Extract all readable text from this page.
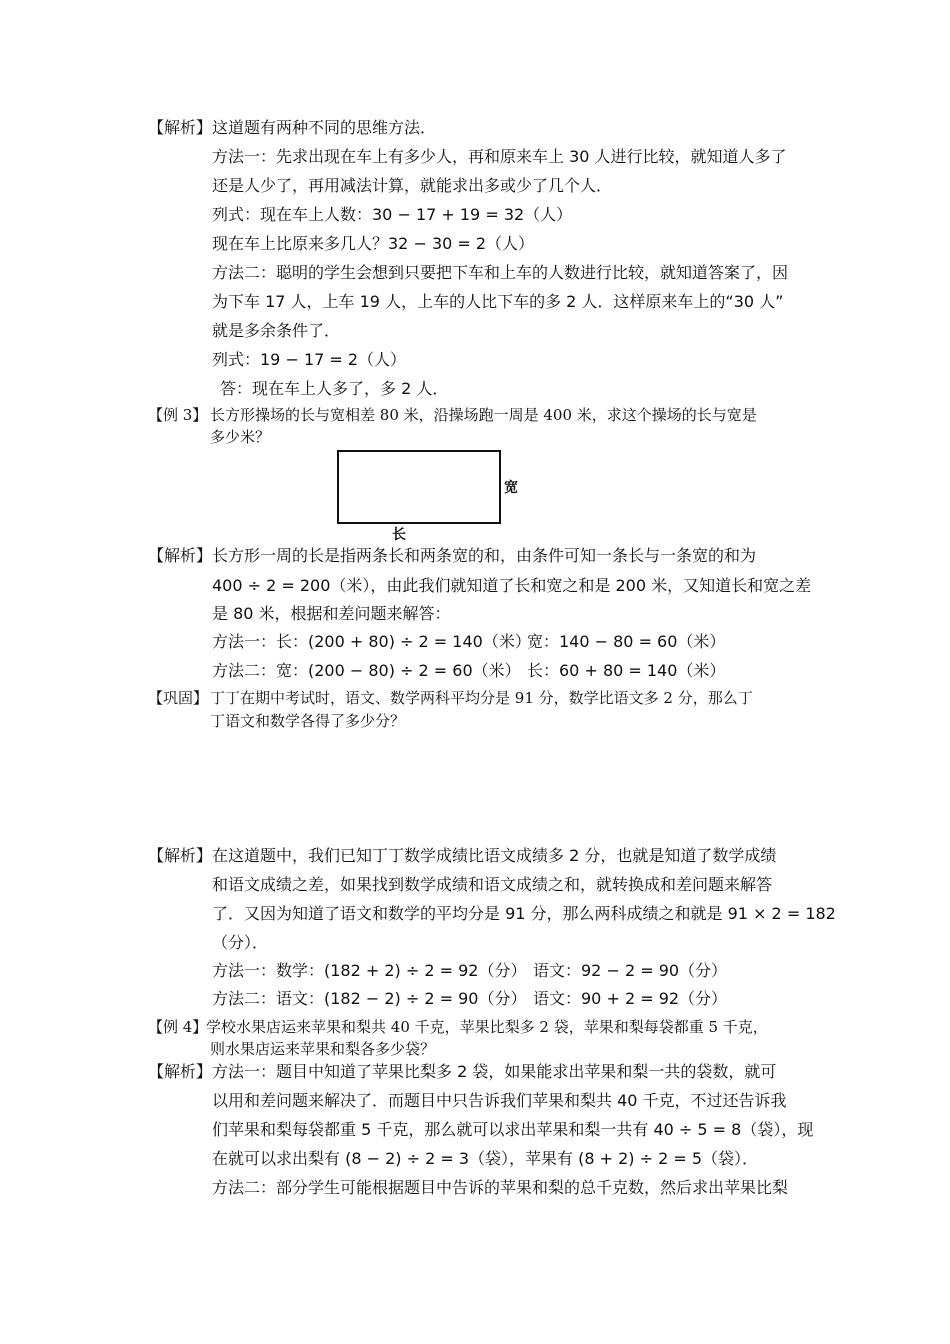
【解析】 这道题有两种不同的思维方法．
方法一：先求出现在车上有多少人，再和原来车上 30 人进行比较，就知道人多了
还是人少了，再用减法计算，就能求出多或少了几个人．
列式：现在车上人数：30 − 17 + 19 = 32（人）
现在车上比原来多几人？32 − 30 = 2（人）
方法二：聪明的学生会想到只要把下车和上车的人数进行比较，就知道答案了，因
为下车 17 人，上车 19 人，上车的人比下车的多 2 人．这样原来车上的“30 人”
就是多余条件了．
列式：19 − 17 = 2（人）
答：现在车上人多了，多 2 人．
【例 3】 长方形操场的长与宽相差 80 米，沿操场跑一周是 400 米，求这个操场的长与宽是
多少米？
宽
长
【解析】 长方形一周的长是指两条长和两条宽的和，由条件可知一条长与一条宽的和为
400 ÷ 2 = 200（米），由此我们就知道了长和宽之和是 200 米，又知道长和宽之差
是 80 米，根据和差问题来解答：
方法一：长：(200 + 80) ÷ 2 = 140（米）
宽：140 − 80 = 60（米）
方法二：宽：(200 − 80) ÷ 2 = 60（米） 长：60 + 80 = 140（米）
【巩固】 丁丁在期中考试时，语文、数学两科平均分是 91 分，数学比语文多 2 分，那么丁
丁语文和数学各得了多少分？
【解析】 在这道题中，我们已知丁丁数学成绩比语文成绩多 2 分，也就是知道了数学成绩
和语文成绩之差，如果找到数学成绩和语文成绩之和，就转换成和差问题来解答
了．又因为知道了语文和数学的平均分是 91 分，那么两科成绩之和就是 91 × 2 = 182
（分）．
方法一：数学：(182 + 2) ÷ 2 = 92（分） 语文：92 − 2 = 90（分）
方法二：语文：(182 − 2) ÷ 2 = 90（分） 语文：90 + 2 = 92（分）
【例 4】
学校水果店运来苹果和梨共 40 千克，苹果比梨多 2 袋，苹果和梨每袋都重 5 千克，
则水果店运来苹果和梨各多少袋？
【解析】 方法一：题目中知道了苹果比梨多 2 袋，如果能求出苹果和梨一共的袋数，就可
以用和差问题来解决了．而题目中只告诉我们苹果和梨共 40 千克，不过还告诉我
们苹果和梨每袋都重 5 千克，那么就可以求出苹果和梨一共有 40 ÷ 5 = 8（袋），现
在就可以求出梨有 (8 − 2) ÷ 2 = 3（袋），苹果有 (8 + 2) ÷ 2 = 5（袋）．
方法二：部分学生可能根据题目中告诉的苹果和梨的总千克数，然后求出苹果比梨
